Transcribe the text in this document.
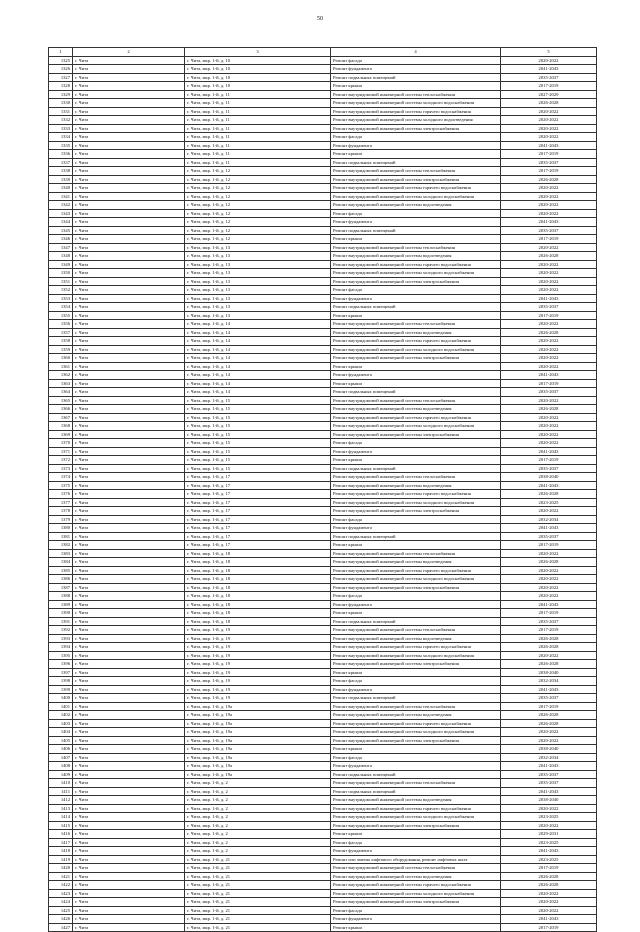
50
1	2	3	4	5
1325	г. Чита	г. Чита, мкр. 1-й, д. 10	Ремонт фасада	2020-2022
1326	г. Чита	г. Чита, мкр. 1-й, д. 10	Ремонт фундамента	2041-2043
1327	г. Чита	г. Чита, мкр. 1-й, д. 10	Ремонт подвальных помещений	2035-2037
1328	г. Чита	г. Чита, мкр. 1-й, д. 10	Ремонт крыши	2017-2019
1329	г. Чита	г. Чита, мкр. 1-й, д. 11	Ремонт внутридомовой инженерной системы теплоснабжения	2027-2029
1330	г. Чита	г. Чита, мкр. 1-й, д. 11	Ремонт внутридомовой инженерной системы холодного водоснабжения	2026-2028
1331	г. Чита	г. Чита, мкр. 1-й, д. 11	Ремонт внутридомовой инженерной системы горячего водоснабжения	2020-2022
1332	г. Чита	г. Чита, мкр. 1-й, д. 11	Ремонт внутридомовой инженерной системы холодного водоотведения	2020-2022
1333	г. Чита	г. Чита, мкр. 1-й, д. 11	Ремонт внутридомовой инженерной системы электроснабжения	2020-2022
1334	г. Чита	г. Чита, мкр. 1-й, д. 11	Ремонт фасада	2020-2022
1335	г. Чита	г. Чита, мкр. 1-й, д. 11	Ремонт фундамента	2041-2043
1336	г. Чита	г. Чита, мкр. 1-й, д. 11	Ремонт крыши	2017-2019
1337	г. Чита	г. Чита, мкр. 1-й, д. 11	Ремонт подвальных помещений	2035-2037
1338	г. Чита	г. Чита, мкр. 1-й, д. 12	Ремонт внутридомовой инженерной системы теплоснабжения	2017-2019
1339	г. Чита	г. Чита, мкр. 1-й, д. 12	Ремонт внутридомовой инженерной системы электроснабжения	2026-2028
1340	г. Чита	г. Чита, мкр. 1-й, д. 12	Ремонт внутридомовой инженерной системы горячего водоснабжения	2020-2022
1341	г. Чита	г. Чита, мкр. 1-й, д. 12	Ремонт внутридомовой инженерной системы холодного водоснабжения	2020-2022
1342	г. Чита	г. Чита, мкр. 1-й, д. 12	Ремонт внутридомовой инженерной системы водоотведения	2020-2022
1343	г. Чита	г. Чита, мкр. 1-й, д. 12	Ремонт фасада	2020-2022
1344	г. Чита	г. Чита, мкр. 1-й, д. 12	Ремонт фундамента	2041-2043
1345	г. Чита	г. Чита, мкр. 1-й, д. 12	Ремонт подвальных помещений	2035-2037
1346	г. Чита	г. Чита, мкр. 1-й, д. 12	Ремонт крыши	2017-2019
1347	г. Чита	г. Чита, мкр. 1-й, д. 13	Ремонт внутридомовой инженерной системы теплоснабжения	2020-2022
1348	г. Чита	г. Чита, мкр. 1-й, д. 13	Ремонт внутридомовой инженерной системы водоотведения	2026-2028
1349	г. Чита	г. Чита, мкр. 1-й, д. 13	Ремонт внутридомовой инженерной системы горячего водоснабжения	2020-2022
1350	г. Чита	г. Чита, мкр. 1-й, д. 13	Ремонт внутридомовой инженерной системы холодного водоснабжения	2020-2022
1351	г. Чита	г. Чита, мкр. 1-й, д. 13	Ремонт внутридомовой инженерной системы электроснабжения	2020-2022
1352	г. Чита	г. Чита, мкр. 1-й, д. 13	Ремонт фасада	2020-2022
1353	г. Чита	г. Чита, мкр. 1-й, д. 13	Ремонт фундамента	2041-2043
1354	г. Чита	г. Чита, мкр. 1-й, д. 13	Ремонт подвальных помещений	2035-2037
1355	г. Чита	г. Чита, мкр. 1-й, д. 13	Ремонт крыши	2017-2019
1356	г. Чита	г. Чита, мкр. 1-й, д. 14	Ремонт внутридомовой инженерной системы теплоснабжения	2020-2022
1357	г. Чита	г. Чита, мкр. 1-й, д. 14	Ремонт внутридомовой инженерной системы водоотведения	2026-2028
1358	г. Чита	г. Чита, мкр. 1-й, д. 14	Ремонт внутридомовой инженерной системы горячего водоснабжения	2020-2022
1359	г. Чита	г. Чита, мкр. 1-й, д. 14	Ремонт внутридомовой инженерной системы холодного водоснабжения	2020-2022
1360	г. Чита	г. Чита, мкр. 1-й, д. 14	Ремонт внутридомовой инженерной системы электроснабжения	2020-2022
1361	г. Чита	г. Чита, мкр. 1-й, д. 14	Ремонт крыши	2020-2022
1362	г. Чита	г. Чита, мкр. 1-й, д. 14	Ремонт фундамента	2041-2043
1363	г. Чита	г. Чита, мкр. 1-й, д. 14	Ремонт крыши	2017-2019
1364	г. Чита	г. Чита, мкр. 1-й, д. 14	Ремонт подвальных помещений	2035-2037
1365	г. Чита	г. Чита, мкр. 1-й, д. 15	Ремонт внутридомовой инженерной системы теплоснабжения	2020-2022
1366	г. Чита	г. Чита, мкр. 1-й, д. 15	Ремонт внутридомовой инженерной системы водоотведения	2026-2028
1367	г. Чита	г. Чита, мкр. 1-й, д. 15	Ремонт внутридомовой инженерной системы горячего водоснабжения	2020-2022
1368	г. Чита	г. Чита, мкр. 1-й, д. 15	Ремонт внутридомовой инженерной системы холодного водоснабжения	2020-2022
1369	г. Чита	г. Чита, мкр. 1-й, д. 15	Ремонт внутридомовой инженерной системы электроснабжения	2020-2022
1370	г. Чита	г. Чита, мкр. 1-й, д. 15	Ремонт фасада	2020-2022
1371	г. Чита	г. Чита, мкр. 1-й, д. 15	Ремонт фундамента	2041-2043
1372	г. Чита	г. Чита, мкр. 1-й, д. 15	Ремонт крыши	2017-2019
1373	г. Чита	г. Чита, мкр. 1-й, д. 15	Ремонт подвальных помещений	2035-2037
1374	г. Чита	г. Чита, мкр. 1-й, д. 17	Ремонт внутридомовой инженерной системы теплоснабжения	2038-2040
1375	г. Чита	г. Чита, мкр. 1-й, д. 17	Ремонт внутридомовой инженерной системы водоотведения	2041-2043
1376	г. Чита	г. Чита, мкр. 1-й, д. 17	Ремонт внутридомовой инженерной системы горячего водоснабжения	2026-2028
1377	г. Чита	г. Чита, мкр. 1-й, д. 17	Ремонт внутридомовой инженерной системы холодного водоснабжения	2023-2025
1378	г. Чита	г. Чита, мкр. 1-й, д. 17	Ремонт внутридомовой инженерной системы электроснабжения	2020-2022
1379	г. Чита	г. Чита, мкр. 1-й, д. 17	Ремонт фасада	2032-2034
1380	г. Чита	г. Чита, мкр. 1-й, д. 17	Ремонт фундамента	2041-2043
1381	г. Чита	г. Чита, мкр. 1-й, д. 17	Ремонт подвальных помещений	2035-2037
1382	г. Чита	г. Чита, мкр. 1-й, д. 17	Ремонт крыши	2017-2019
1383	г. Чита	г. Чита, мкр. 1-й, д. 18	Ремонт внутридомовой инженерной системы теплоснабжения	2020-2022
1384	г. Чита	г. Чита, мкр. 1-й, д. 18	Ремонт внутридомовой инженерной системы водоотведения	2026-2028
1385	г. Чита	г. Чита, мкр. 1-й, д. 18	Ремонт внутридомовой инженерной системы горячего водоснабжения	2020-2022
1386	г. Чита	г. Чита, мкр. 1-й, д. 18	Ремонт внутридомовой инженерной системы холодного водоснабжения	2020-2022
1387	г. Чита	г. Чита, мкр. 1-й, д. 18	Ремонт внутридомовой инженерной системы электроснабжения	2020-2022
1388	г. Чита	г. Чита, мкр. 1-й, д. 18	Ремонт фасада	2020-2022
1389	г. Чита	г. Чита, мкр. 1-й, д. 18	Ремонт фундамента	2041-2043
1390	г. Чита	г. Чита, мкр. 1-й, д. 18	Ремонт крыши	2017-2019
1391	г. Чита	г. Чита, мкр. 1-й, д. 18	Ремонт подвальных помещений	2035-2037
1392	г. Чита	г. Чита, мкр. 1-й, д. 19	Ремонт внутридомовой инженерной системы теплоснабжения	2017-2019
1393	г. Чита	г. Чита, мкр. 1-й, д. 19	Ремонт внутридомовой инженерной системы водоотведения	2026-2028
1394	г. Чита	г. Чита, мкр. 1-й, д. 19	Ремонт внутридомовой инженерной системы горячего водоснабжения	2026-2028
1395	г. Чита	г. Чита, мкр. 1-й, д. 19	Ремонт внутридомовой инженерной системы холодного водоснабжения	2020-2022
1396	г. Чита	г. Чита, мкр. 1-й, д. 19	Ремонт внутридомовой инженерной системы электроснабжения	2026-2028
1397	г. Чита	г. Чита, мкр. 1-й, д. 19	Ремонт крыши	2038-2040
1398	г. Чита	г. Чита, мкр. 1-й, д. 19	Ремонт фасада	2032-2034
1399	г. Чита	г. Чита, мкр. 1-й, д. 19	Ремонт фундамента	2041-2043
1400	г. Чита	г. Чита, мкр. 1-й, д. 19	Ремонт подвальных помещений	2035-2037
1401	г. Чита	г. Чита, мкр. 1-й, д. 19а	Ремонт внутридомовой инженерной системы теплоснабжения	2017-2019
1402	г. Чита	г. Чита, мкр. 1-й, д. 19а	Ремонт внутридомовой инженерной системы водоотведения	2026-2028
1403	г. Чита	г. Чита, мкр. 1-й, д. 19а	Ремонт внутридомовой инженерной системы горячего водоснабжения	2026-2028
1404	г. Чита	г. Чита, мкр. 1-й, д. 19а	Ремонт внутридомовой инженерной системы холодного водоснабжения	2020-2022
1405	г. Чита	г. Чита, мкр. 1-й, д. 19а	Ремонт внутридомовой инженерной системы электроснабжения	2020-2022
1406	г. Чита	г. Чита, мкр. 1-й, д. 19а	Ремонт крыши	2038-2040
1407	г. Чита	г. Чита, мкр. 1-й, д. 19а	Ремонт фасада	2032-2034
1408	г. Чита	г. Чита, мкр. 1-й, д. 19а	Ремонт фундамента	2041-2043
1409	г. Чита	г. Чита, мкр. 1-й, д. 19а	Ремонт подвальных помещений	2035-2037
1410	г. Чита	г. Чита, мкр. 1-й, д. 2	Ремонт внутридомовой инженерной системы теплоснабжения	2035-2037
1411	г. Чита	г. Чита, мкр. 1-й, д. 2	Ремонт подвальных помещений	2041-2043
1412	г. Чита	г. Чита, мкр. 1-й, д. 2	Ремонт внутридомовой инженерной системы водоотведения	2038-2040
1413	г. Чита	г. Чита, мкр. 1-й, д. 2	Ремонт внутридомовой инженерной системы горячего водоснабжения	2020-2022
1414	г. Чита	г. Чита, мкр. 1-й, д. 2	Ремонт внутридомовой инженерной системы холодного водоснабжения	2023-2025
1415	г. Чита	г. Чита, мкр. 1-й, д. 2	Ремонт внутридомовой инженерной системы электроснабжения	2020-2022
1416	г. Чита	г. Чита, мкр. 1-й, д. 2	Ремонт крыши	2029-2031
1417	г. Чита	г. Чита, мкр. 1-й, д. 2	Ремонт фасада	2023-2025
1418	г. Чита	г. Чита, мкр. 1-й, д. 2	Ремонт фундамента	2041-2043
1419	г. Чита	г. Чита, мкр. 1-й, д. 21	Ремонт или замена лифтового оборудования, ремонт лифтовых шахт	2023-2025
1420	г. Чита	г. Чита, мкр. 1-й, д. 21	Ремонт внутридомовой инженерной системы теплоснабжения	2017-2019
1421	г. Чита	г. Чита, мкр. 1-й, д. 21	Ремонт внутридомовой инженерной системы водоотведения	2026-2028
1422	г. Чита	г. Чита, мкр. 1-й, д. 21	Ремонт внутридомовой инженерной системы горячего водоснабжения	2026-2028
1423	г. Чита	г. Чита, мкр. 1-й, д. 21	Ремонт внутридомовой инженерной системы холодного водоснабжения	2020-2022
1424	г. Чита	г. Чита, мкр. 1-й, д. 21	Ремонт внутридомовой инженерной системы электроснабжения	2020-2022
1425	г. Чита	г. Чита, мкр. 1-й, д. 21	Ремонт фасада	2020-2022
1426	г. Чита	г. Чита, мкр. 1-й, д. 21	Ремонт фундамента	2041-2043
1427	г. Чита	г. Чита, мкр. 1-й, д. 21	Ремонт крыши	2017-2019
